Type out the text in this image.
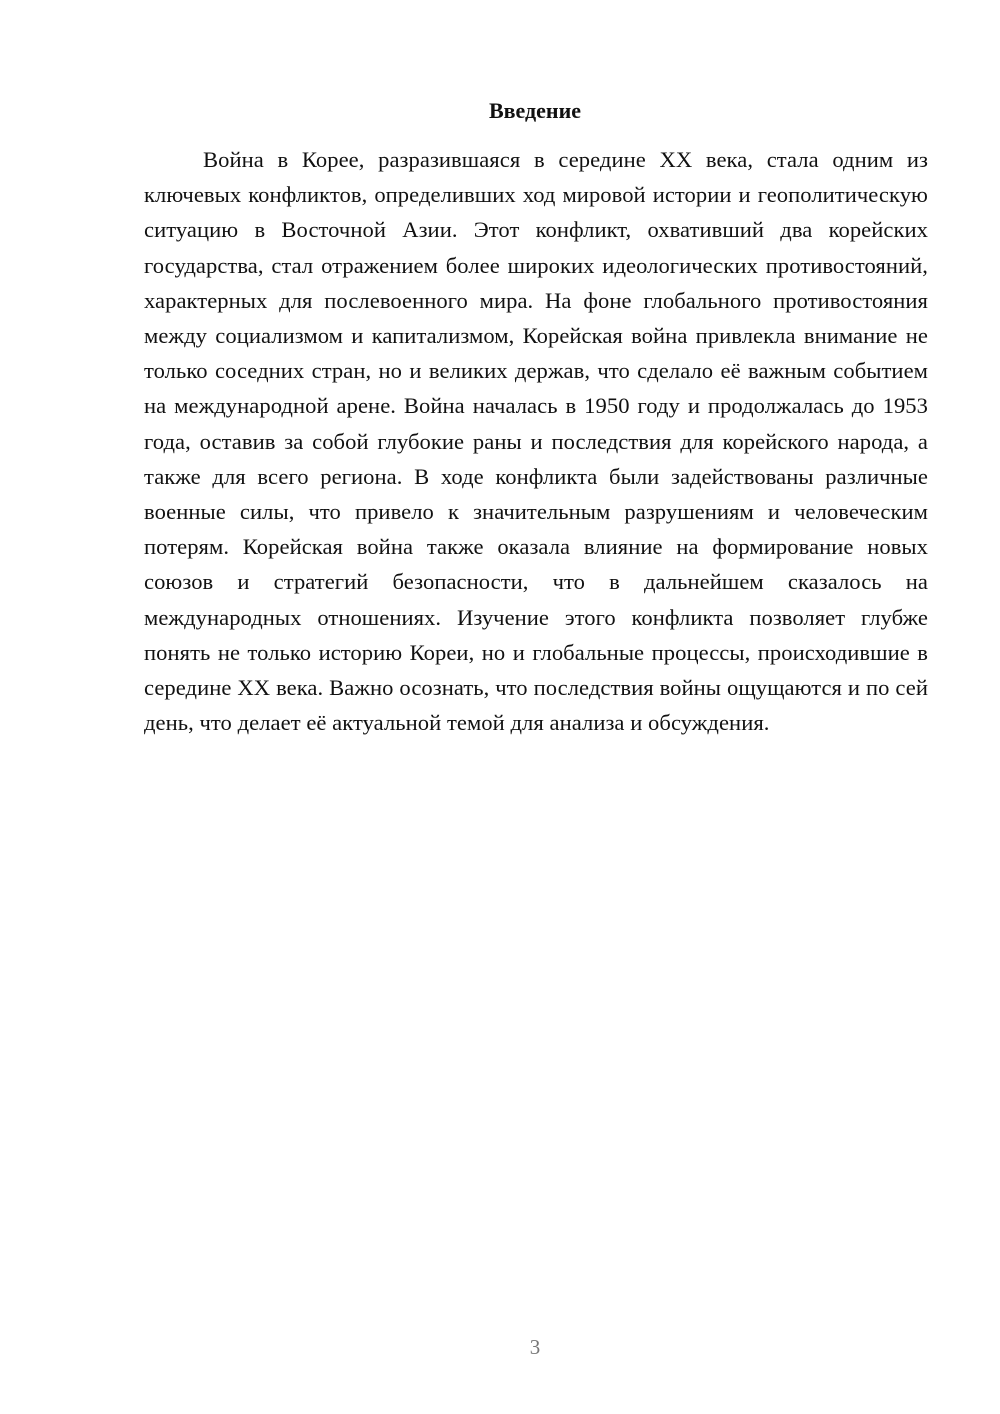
Введение

Война в Корее, разразившаяся в середине XX века, стала одним из ключевых конфликтов, определивших ход мировой истории и геополитическую ситуацию в Восточной Азии. Этот конфликт, охвативший два корейских государства, стал отражением более широких идеологических противостояний, характерных для послевоенного мира. На фоне глобального противостояния между социализмом и капитализмом, Корейская война привлекла внимание не только соседних стран, но и великих держав, что сделало её важным событием на международной арене. Война началась в 1950 году и продолжалась до 1953 года, оставив за собой глубокие раны и последствия для корейского народа, а также для всего региона. В ходе конфликта были задействованы различные военные силы, что привело к значительным разрушениям и человеческим потерям. Корейская война также оказала влияние на формирование новых союзов и стратегий безопасности, что в дальнейшем сказалось на международных отношениях. Изучение этого конфликта позволяет глубже понять не только историю Кореи, но и глобальные процессы, происходившие в середине XX века. Важно осознать, что последствия войны ощущаются и по сей день, что делает её актуальной темой для анализа и обсуждения.

3
